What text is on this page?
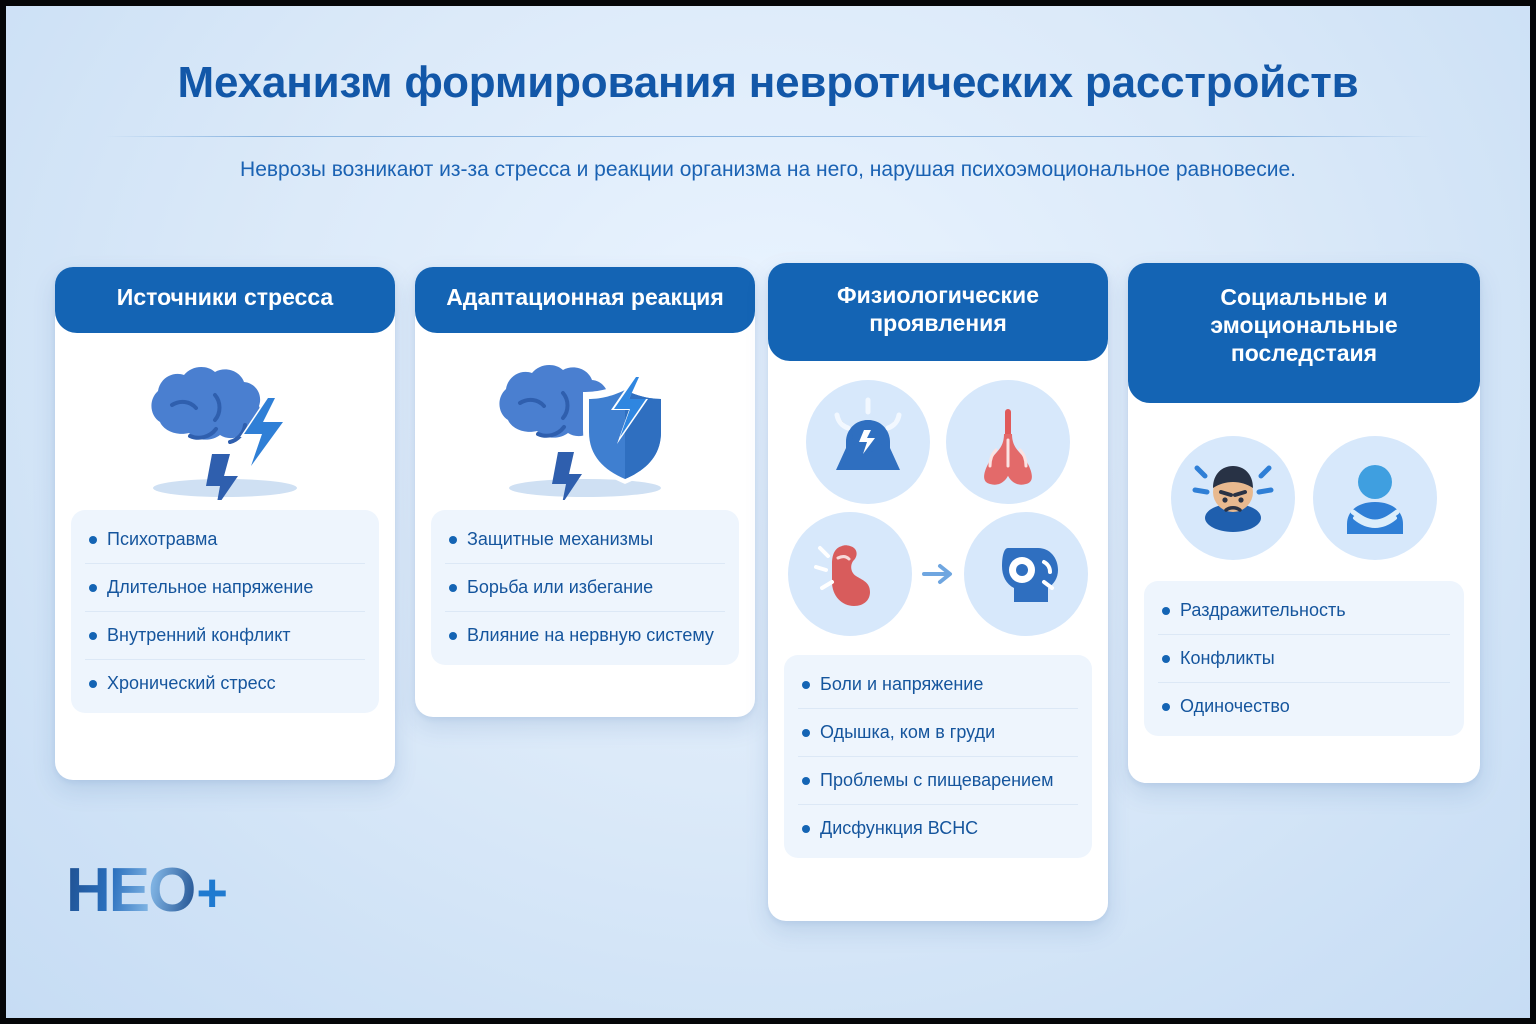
Механизм формирования невротических расстройств
Неврозы возникают из-за стресса и реакции организма на него, нарушая психоэмоциональное равновесие.
Источники стресса
Психотравма
Длительное напряжение
Внутренний конфликт
Хронический стресс
Адаптационная реакция
Защитные механизмы
Борьба или избегание
Влияние на нервную систему
Физиологические проявления
Боли и напряжение
Одышка, ком в груди
Проблемы с пищеварением
Дисфункция ВСНС
Социальные и эмоциональные последстаия
Раздражительность
Конфликты
Одиночество
HEO+
